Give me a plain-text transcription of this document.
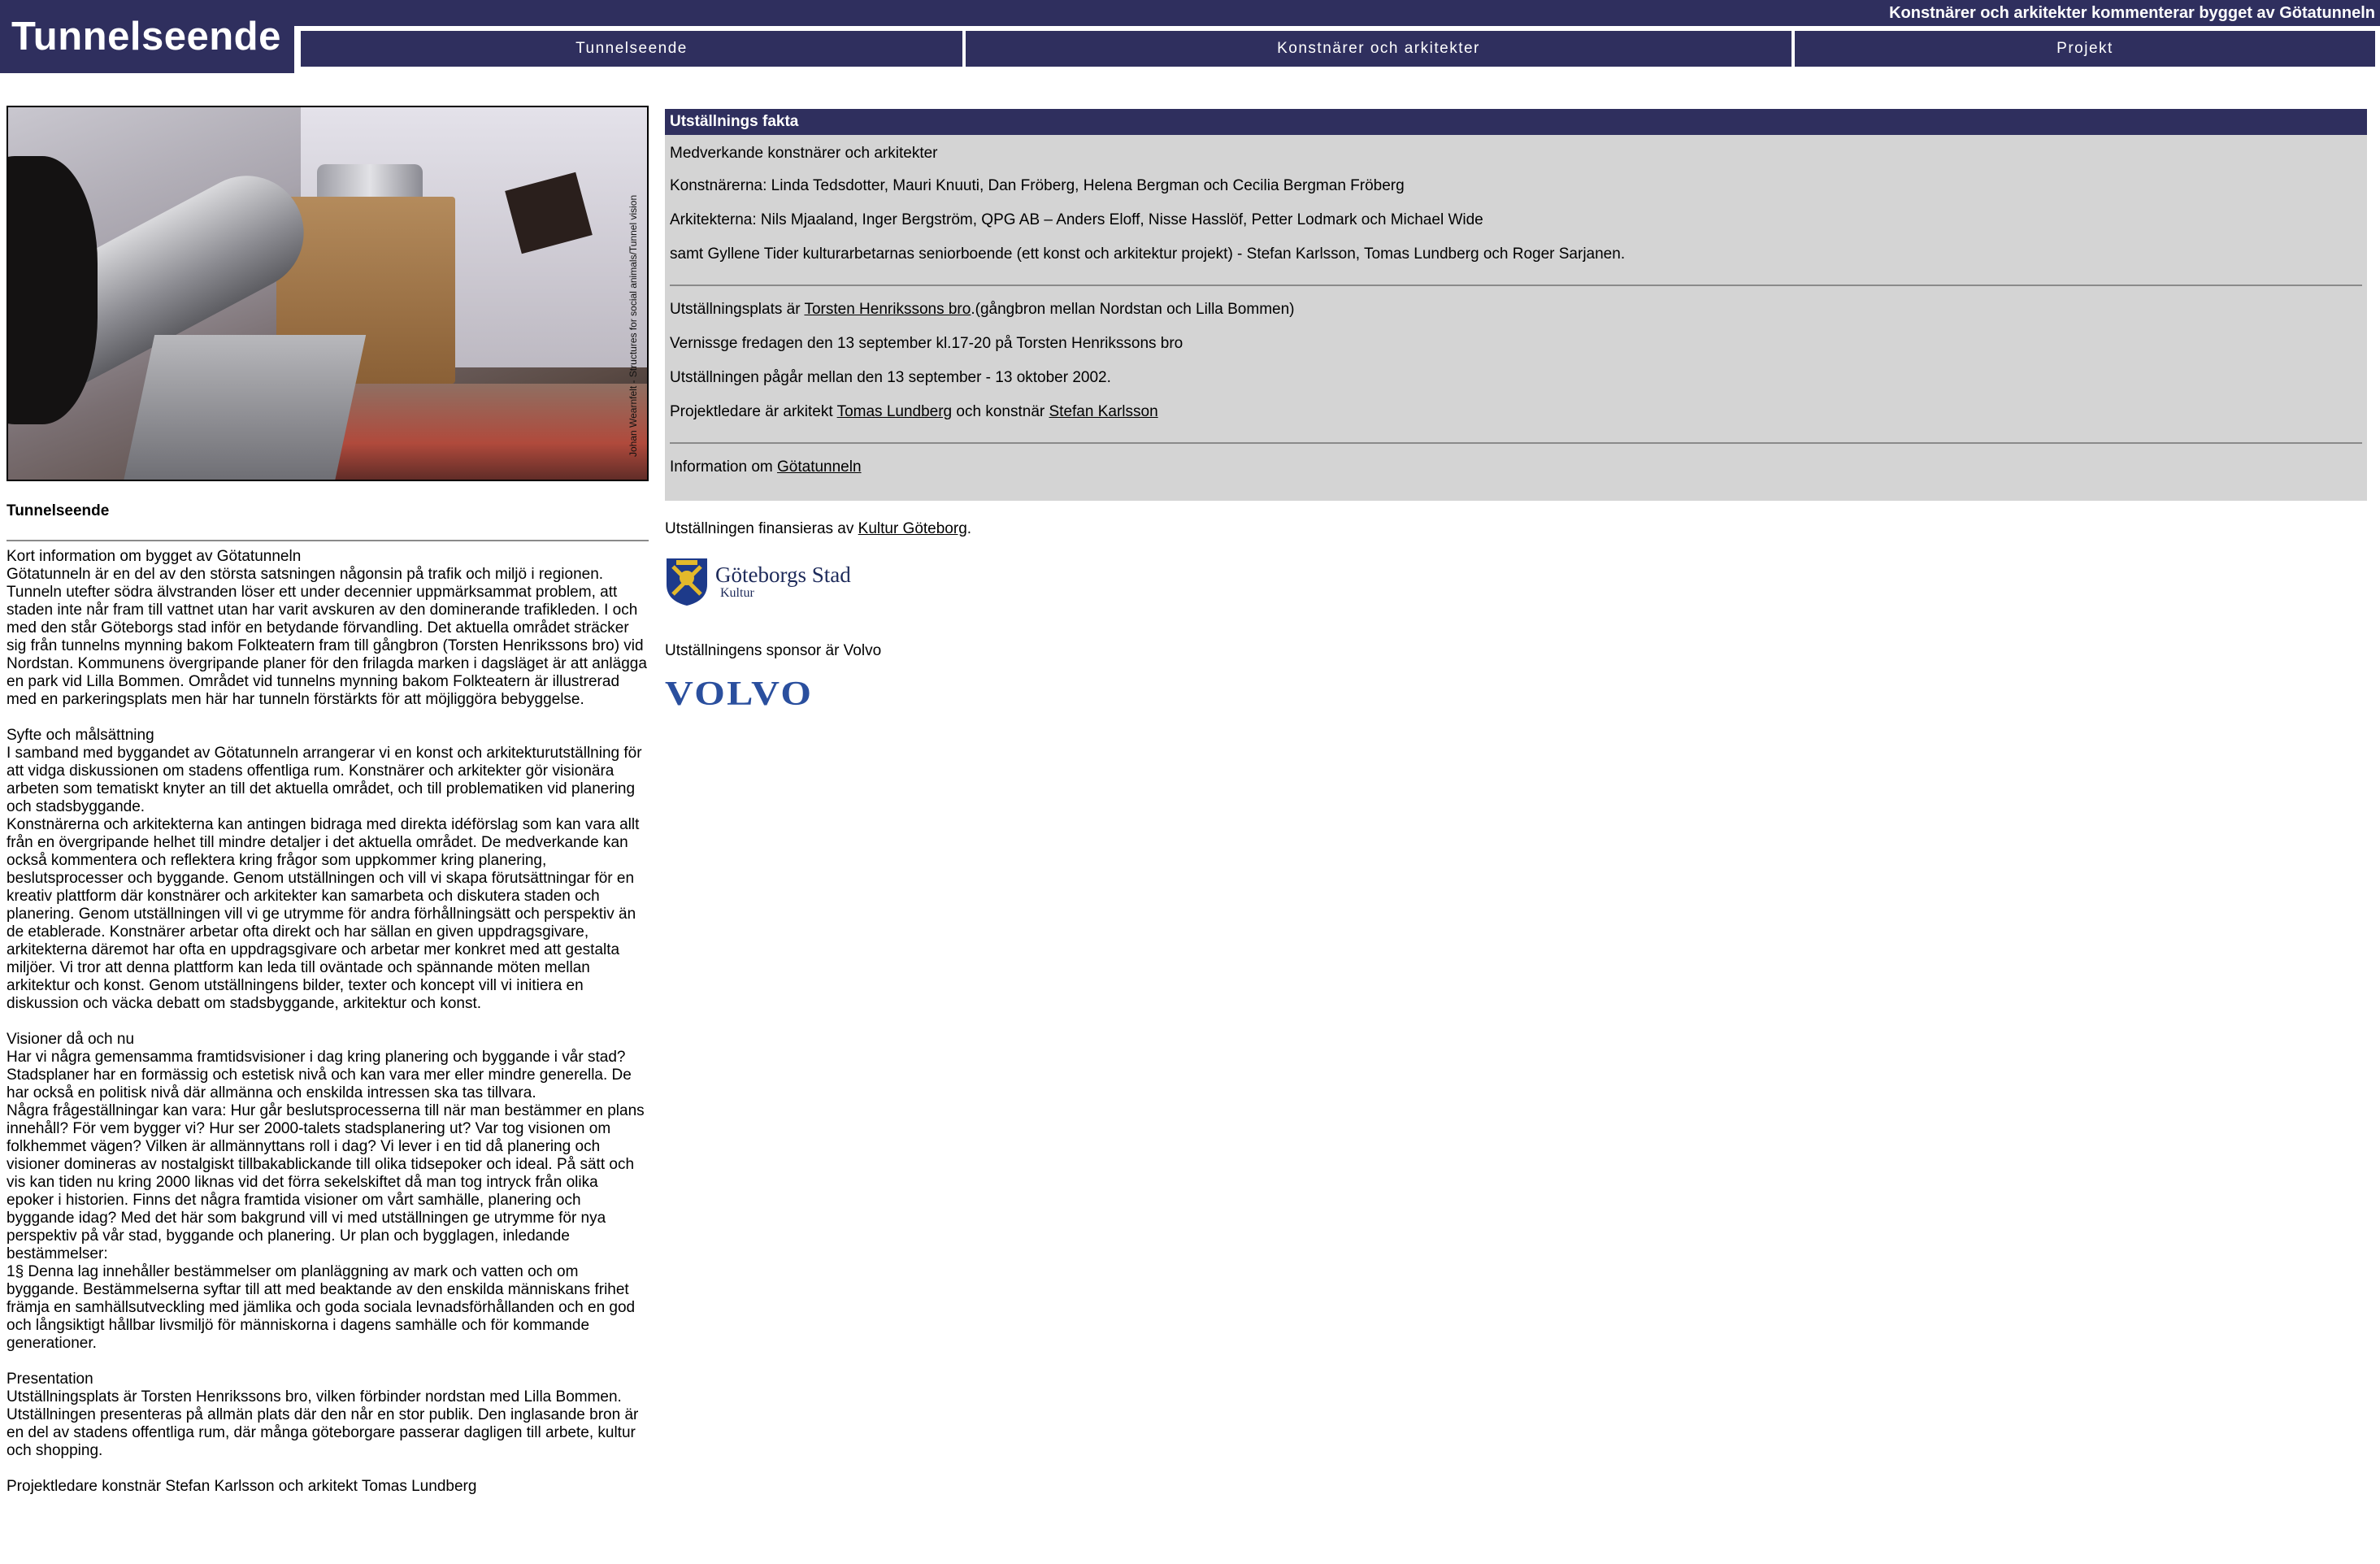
Konstnärer och arkitekter kommenterar bygget av Götatunneln
Tunnelseende	Tunnelseende	Konstnärer och arkitekter	Projekt
Johan Wearnfelt - Structures for social animals/Tunnel vision
Tunnelseende
Kort information om bygget av Götatunneln
Götatunneln är en del av den största satsningen någonsin på trafik och miljö i regionen. Tunneln utefter södra älvstranden löser ett under decennier uppmärksammat problem, att staden inte når fram till vattnet utan har varit avskuren av den dominerande trafikleden. I och med den står Göteborgs stad inför en betydande förvandling. Det aktuella området sträcker sig från tunnelns mynning bakom Folkteatern fram till gångbron (Torsten Henrikssons bro) vid Nordstan. Kommunens övergripande planer för den frilagda marken i dagsläget är att anlägga en park vid Lilla Bommen. Området vid tunnelns mynning bakom Folkteatern är illustrerad med en parkeringsplats men här har tunneln förstärkts för att möjliggöra bebyggelse.

Syfte och målsättning
I samband med byggandet av Götatunneln arrangerar vi en konst och arkitekturutställning för att vidga diskussionen om stadens offentliga rum. Konstnärer och arkitekter gör visionära arbeten som tematiskt knyter an till det aktuella området, och till problematiken vid planering och stadsbyggande.
Konstnärerna och arkitekterna kan antingen bidraga med direkta idéförslag som kan vara allt från en övergripande helhet till mindre detaljer i det aktuella området. De medverkande kan också kommentera och reflektera kring frågor som uppkommer kring planering, beslutsprocesser och byggande. Genom utställningen och vill vi skapa förutsättningar för en kreativ plattform där konstnärer och arkitekter kan samarbeta och diskutera staden och planering. Genom utställningen vill vi ge utrymme för andra förhållningsätt och perspektiv än de etablerade. Konstnärer arbetar ofta direkt och har sällan en given uppdragsgivare, arkitekterna däremot har ofta en uppdragsgivare och arbetar mer konkret med att gestalta miljöer. Vi tror att denna plattform kan leda till oväntade och spännande möten mellan arkitektur och konst. Genom utställningens bilder, texter och koncept vill vi initiera en diskussion och väcka debatt om stadsbyggande, arkitektur och konst.

Visioner då och nu
Har vi några gemensamma framtidsvisioner i dag kring planering och byggande i vår stad? Stadsplaner har en formässig och estetisk nivå och kan vara mer eller mindre generella. De har också en politisk nivå där allmänna och enskilda intressen ska tas tillvara.
Några frågeställningar kan vara: Hur går beslutsprocesserna till när man bestämmer en plans innehåll? För vem bygger vi? Hur ser 2000-talets stadsplanering ut? Var tog visionen om folkhemmet vägen? Vilken är allmännyttans roll i dag? Vi lever i en tid då planering och visioner domineras av nostalgiskt tillbakablickande till olika tidsepoker och ideal. På sätt och vis kan tiden nu kring 2000 liknas vid det förra sekelskiftet då man tog intryck från olika epoker i historien. Finns det några framtida visioner om vårt samhälle, planering och byggande idag? Med det här som bakgrund vill vi med utställningen ge utrymme för nya perspektiv på vår stad, byggande och planering. Ur plan och bygglagen, inledande bestämmelser:
1§ Denna lag innehåller bestämmelser om planläggning av mark och vatten och om byggande. Bestämmelserna syftar till att med beaktande av den enskilda människans frihet främja en samhällsutveckling med jämlika och goda sociala levnadsförhållanden och en god och långsiktigt hållbar livsmiljö för människorna i dagens samhälle och för kommande generationer.

Presentation
Utställningsplats är Torsten Henrikssons bro, vilken förbinder nordstan med Lilla Bommen. Utställningen presenteras på allmän plats där den når en stor publik. Den inglasande bron är en del av stadens offentliga rum, där många göteborgare passerar dagligen till arbete, kultur och shopping.

Projektledare konstnär Stefan Karlsson och arkitekt Tomas Lundberg
Utställnings fakta
Medverkande konstnärer och arkitekter
Konstnärerna: Linda Tedsdotter, Mauri Knuuti, Dan Fröberg, Helena Bergman och Cecilia Bergman Fröberg
Arkitekterna: Nils Mjaaland, Inger Bergström, QPG AB – Anders Eloff, Nisse Hasslöf, Petter Lodmark och Michael Wide
samt Gyllene Tider kulturarbetarnas seniorboende (ett konst och arkitektur projekt) - Stefan Karlsson, Tomas Lundberg och Roger Sarjanen.
Utställningsplats är Torsten Henrikssons bro.(gångbron mellan Nordstan och Lilla Bommen)
Vernissge fredagen den 13 september kl.17-20 på Torsten Henrikssons bro
Utställningen pågår mellan den 13 september - 13 oktober 2002.
Projektledare är arkitekt Tomas Lundberg och konstnär Stefan Karlsson
Information om Götatunneln
Utställningen finansieras av Kultur Göteborg.
Göteborgs Stad
Kultur
Utställningens sponsor är Volvo
VOLVO
